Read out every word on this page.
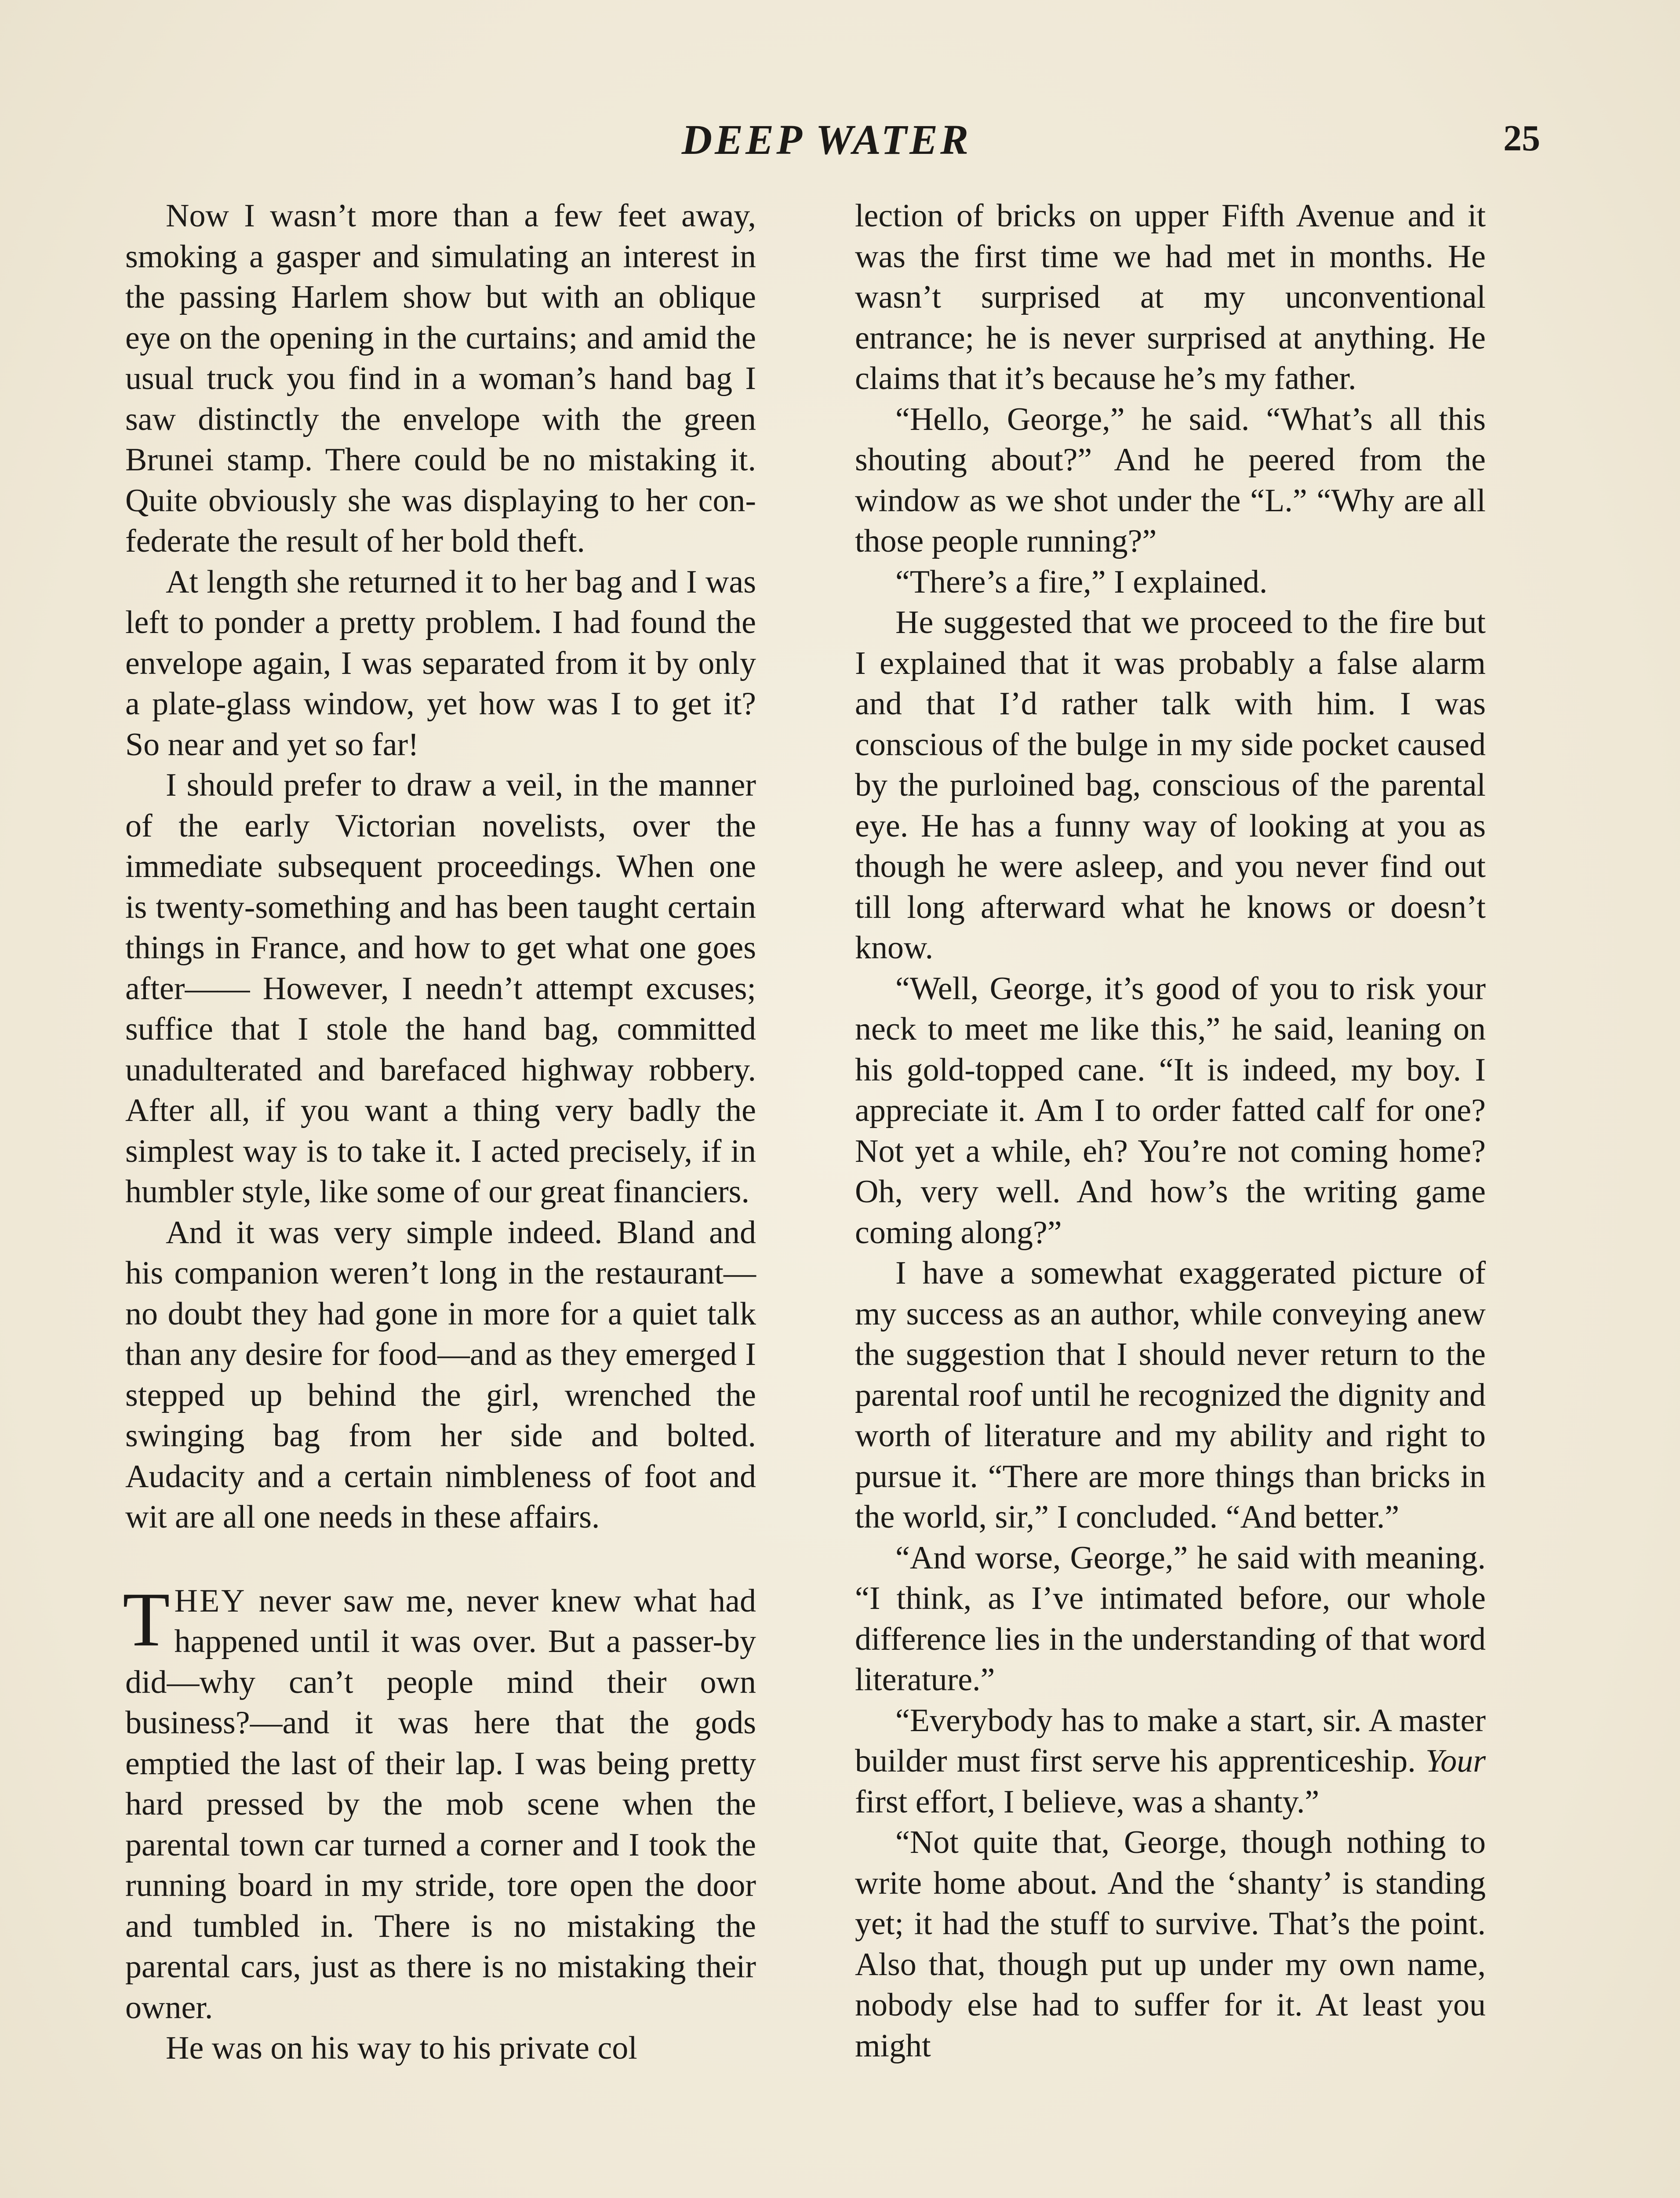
DEEP WATER	25

Now I wasn’t more than a few feet away, smoking a gasper and simulating an interest in the passing Harlem show but with an oblique eye on the opening in the curtains; and amid the usual truck you find in a woman’s hand bag I saw distinctly the envelope with the green Brunei stamp. There could be no mistaking it. Quite obviously she was displaying to her confederate the result of her bold theft.

At length she returned it to her bag and I was left to ponder a pretty problem. I had found the envelope again, I was separated from it by only a plate-glass window, yet how was I to get it? So near and yet so far!

I should prefer to draw a veil, in the manner of the early Victorian novelists, over the immediate subsequent proceedings. When one is twenty-something and has been taught certain things in France, and how to get what one goes after—— However, I needn’t attempt excuses; suffice that I stole the hand bag, committed unadulterated and barefaced highway robbery. After all, if you want a thing very badly the simplest way is to take it. I acted precisely, if in humbler style, like some of our great financiers.

And it was very simple indeed. Bland and his companion weren’t long in the restaurant—no doubt they had gone in more for a quiet talk than any desire for food—and as they emerged I stepped up behind the girl, wrenched the swinging bag from her side and bolted. Audacity and a certain nimbleness of foot and wit are all one needs in these affairs.

THEY never saw me, never knew what had happened until it was over. But a passer-by did—why can’t people mind their own business?—and it was here that the gods emptied the last of their lap. I was being pretty hard pressed by the mob scene when the parental town car turned a corner and I took the running board in my stride, tore open the door and tumbled in. There is no mistaking the parental cars, just as there is no mistaking their owner.

He was on his way to his private col

lection of bricks on upper Fifth Avenue and it was the first time we had met in months. He wasn’t surprised at my unconventional entrance; he is never surprised at anything. He claims that it’s because he’s my father.

“Hello, George,” he said. “What’s all this shouting about?” And he peered from the window as we shot under the “L.” “Why are all those people running?”

“There’s a fire,” I explained.

He suggested that we proceed to the fire but I explained that it was probably a false alarm and that I’d rather talk with him. I was conscious of the bulge in my side pocket caused by the purloined bag, conscious of the parental eye. He has a funny way of looking at you as though he were asleep, and you never find out till long afterward what he knows or doesn’t know.

“Well, George, it’s good of you to risk your neck to meet me like this,” he said, leaning on his gold-topped cane. “It is indeed, my boy. I appreciate it. Am I to order fatted calf for one? Not yet a while, eh? You’re not coming home? Oh, very well. And how’s the writing game coming along?”

I have a somewhat exaggerated picture of my success as an author, while conveying anew the suggestion that I should never return to the parental roof until he recognized the dignity and worth of literature and my ability and right to pursue it. “There are more things than bricks in the world, sir,” I concluded. “And better.”

“And worse, George,” he said with meaning. “I think, as I’ve intimated before, our whole difference lies in the understanding of that word literature.”

“Everybody has to make a start, sir. A master builder must first serve his apprenticeship. Your first effort, I believe, was a shanty.”

“Not quite that, George, though nothing to write home about. And the ‘shanty’ is standing yet; it had the stuff to survive. That’s the point. Also that, though put up under my own name, nobody else had to suffer for it. At least you might
